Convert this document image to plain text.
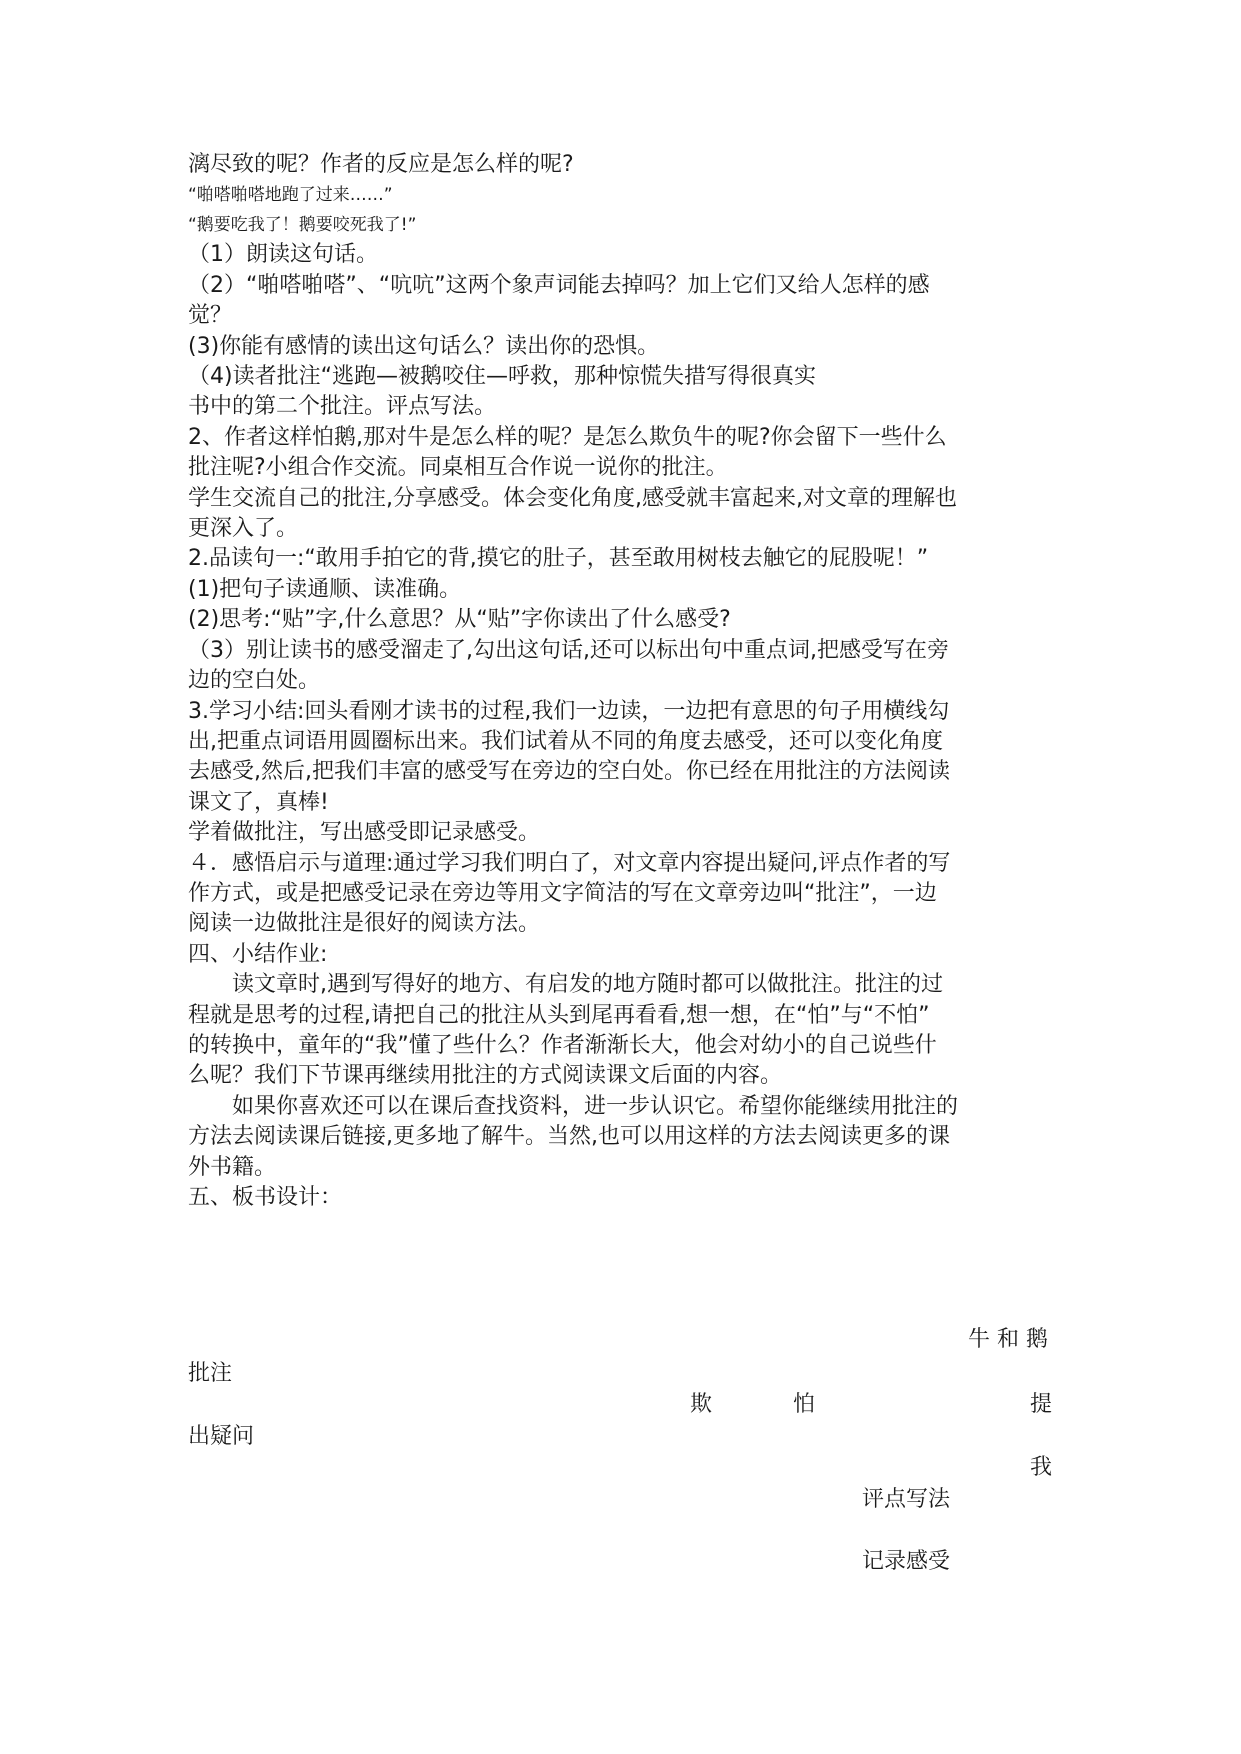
漓尽致的呢？作者的反应是怎么样的呢?
“啪嗒啪嗒地跑了过来……”
“鹅要吃我了！鹅要咬死我了!”
（1）朗读这句话。
（2）“啪嗒啪嗒”、“吭吭”这两个象声词能去掉吗？加上它们又给人怎样的感
觉？
(3)你能有感情的读出这句话么？读出你的恐惧。
（4)读者批注“逃跑—被鹅咬住—呼救，那种惊慌失措写得很真实
书中的第二个批注。评点写法。
2、作者这样怕鹅,那对牛是怎么样的呢？是怎么欺负牛的呢?你会留下一些什么
批注呢?小组合作交流。同桌相互合作说一说你的批注。
学生交流自己的批注,分享感受。体会变化角度,感受就丰富起来,对文章的理解也
更深入了。
2.品读句一:“敢用手拍它的背,摸它的肚子，甚至敢用树枝去触它的屁股呢！”
(1)把句子读通顺、读准确。
(2)思考:“贴”字,什么意思？从“贴”字你读出了什么感受?
（3）别让读书的感受溜走了,勾出这句话,还可以标出句中重点词,把感受写在旁
边的空白处。
3.学习小结:回头看刚才读书的过程,我们一边读，一边把有意思的句子用横线勾
出,把重点词语用圆圈标出来。我们试着从不同的角度去感受，还可以变化角度
去感受,然后,把我们丰富的感受写在旁边的空白处。你已经在用批注的方法阅读
课文了，真棒!
学着做批注，写出感受即记录感受。
４．感悟启示与道理:通过学习我们明白了，对文章内容提出疑问,评点作者的写
作方式，或是把感受记录在旁边等用文字简洁的写在文章旁边叫“批注”，一边
阅读一边做批注是很好的阅读方法。
四、小结作业:
读文章时,遇到写得好的地方、有启发的地方随时都可以做批注。批注的过
程就是思考的过程,请把自己的批注从头到尾再看看,想一想，在“怕”与“不怕”
的转换中，童年的“我”懂了些什么？作者渐渐长大，他会对幼小的自己说些什
么呢？我们下节课再继续用批注的方式阅读课文后面的内容。
如果你喜欢还可以在课后查找资料，进一步认识它。希望你能继续用批注的
方法去阅读课后链接,更多地了解牛。当然,也可以用这样的方法去阅读更多的课
外书籍。
五、板书设计：
牛 和 鹅
批注
欺	怕	提
出疑问
我
评点写法
记录感受
